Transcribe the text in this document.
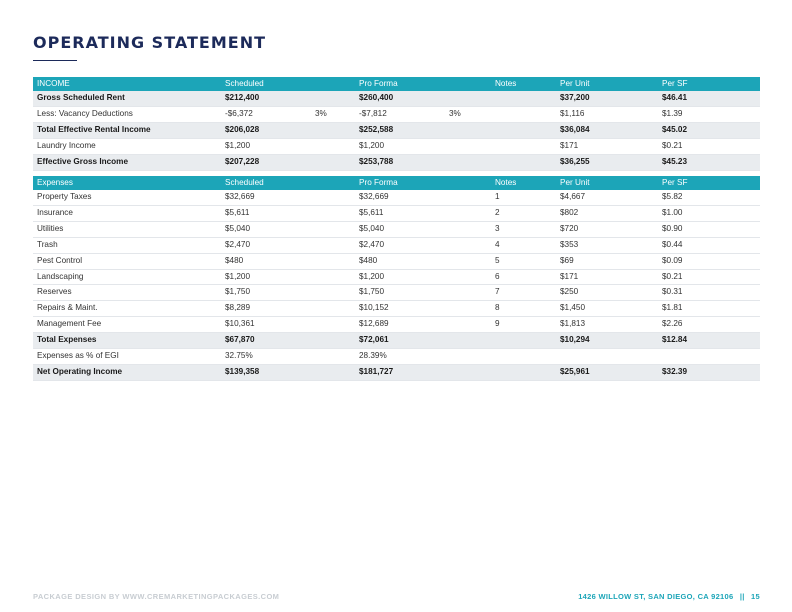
OPERATING STATEMENT
INCOME	Scheduled		Pro Forma		Notes	Per Unit	Per SF
Gross Scheduled Rent	$212,400		$260,400			$37,200	$46.41
Less: Vacancy Deductions	-$6,372	3%	-$7,812	3%		$1,116	$1.39
Total Effective Rental Income	$206,028		$252,588			$36,084	$45.02
Laundry Income	$1,200		$1,200			$171	$0.21
Effective Gross Income	$207,228		$253,788			$36,255	$45.23
Expenses	Scheduled		Pro Forma		Notes	Per Unit	Per SF
Property Taxes	$32,669		$32,669		1	$4,667	$5.82
Insurance	$5,611		$5,611		2	$802	$1.00
Utilities	$5,040		$5,040		3	$720	$0.90
Trash	$2,470		$2,470		4	$353	$0.44
Pest Control	$480		$480		5	$69	$0.09
Landscaping	$1,200		$1,200		6	$171	$0.21
Reserves	$1,750		$1,750		7	$250	$0.31
Repairs & Maint.	$8,289		$10,152		8	$1,450	$1.81
Management Fee	$10,361		$12,689		9	$1,813	$2.26
Total Expenses	$67,870		$72,061			$10,294	$12.84
Expenses as % of EGI	32.75%		28.39%				
Net Operating Income	$139,358		$181,727			$25,961	$32.39
PACKAGE DESIGN BY WWW.CREMARKETINGPACKAGES.COM	1426 WILLOW ST, SAN DIEGO, CA 92106 || 15
